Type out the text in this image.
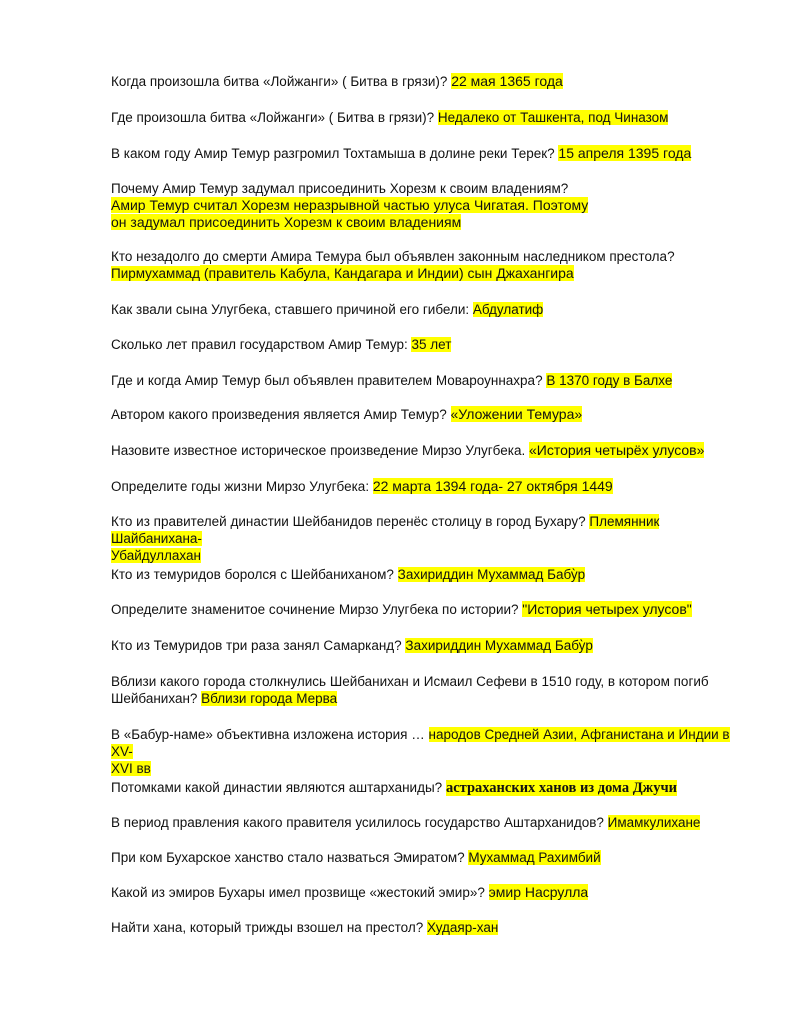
Когда произошла битва «Лойжанги» ( Битва в грязи)? 22 мая 1365 года
Где произошла битва «Лойжанги» ( Битва в грязи)? Недалеко от Ташкента, под Чиназом
В каком году Амир Темур разгромил Тохтамыша в долине реки Терек? 15 апреля 1395 года
Почему Амир Темур задумал присоединить Хорезм к своим владениям?
Амир Темур считал Хорезм неразрывной частью улуса Чигатая. Поэтому
он задумал присоединить Хорезм к своим владениям
Кто незадолго до смерти Амира Темура был объявлен законным наследником престола?
Пирмухаммад (правитель Кабула, Кандагара и Индии) сын Джахангира
Как звали сына Улугбека, ставшего причиной его гибели: Абдулатиф
Сколько лет правил государством Амир Темур: 35 лет
Где и когда Амир Темур был объявлен правителем Мовароуннахра? В 1370 году в Балхе
Автором какого произведения является Амир Темур? «Уложении Темура»
Назовите известное историческое произведение Мирзо Улугбека. «История четырёх улусов»
Определите годы жизни Мирзо Улугбека: 22 марта 1394 года- 27 октября 1449
Кто из правителей династии Шейбанидов перенёс столицу в город Бухару? Племянник Шайбанихана-
Убайдуллахан
Кто из темуридов боролся с Шейбаниханом? Захириддин Мухаммад Бабу̀р
Определите знаменитое сочинение Мирзо Улугбека по истории? "История четырех улусов"
Кто из Темуридов три раза занял Самарканд? Захириддин Мухаммад Бабу̀р
Вблизи какого города столкнулись Шейбанихан и Исмаил Сефеви в 1510 году, в котором погиб
Шейбанихан? Вблизи города Мерва
В «Бабур-наме» объективна изложена история … народов Средней Азии, Афганистана и Индии в XV-
XVI вв
Потомками какой династии являются аштарханиды? астраханских ханов из дома Джучи
В период правления какого правителя усилилось государство Аштарханидов? Имамкулихане
При ком Бухарское ханство стало назваться Эмиратом? Мухаммад Рахимбий
Какой из эмиров Бухары имел прозвище «жестокий эмир»? эмир Насрулла
Найти хана, который трижды взошел на престол? Худаяр-хан
